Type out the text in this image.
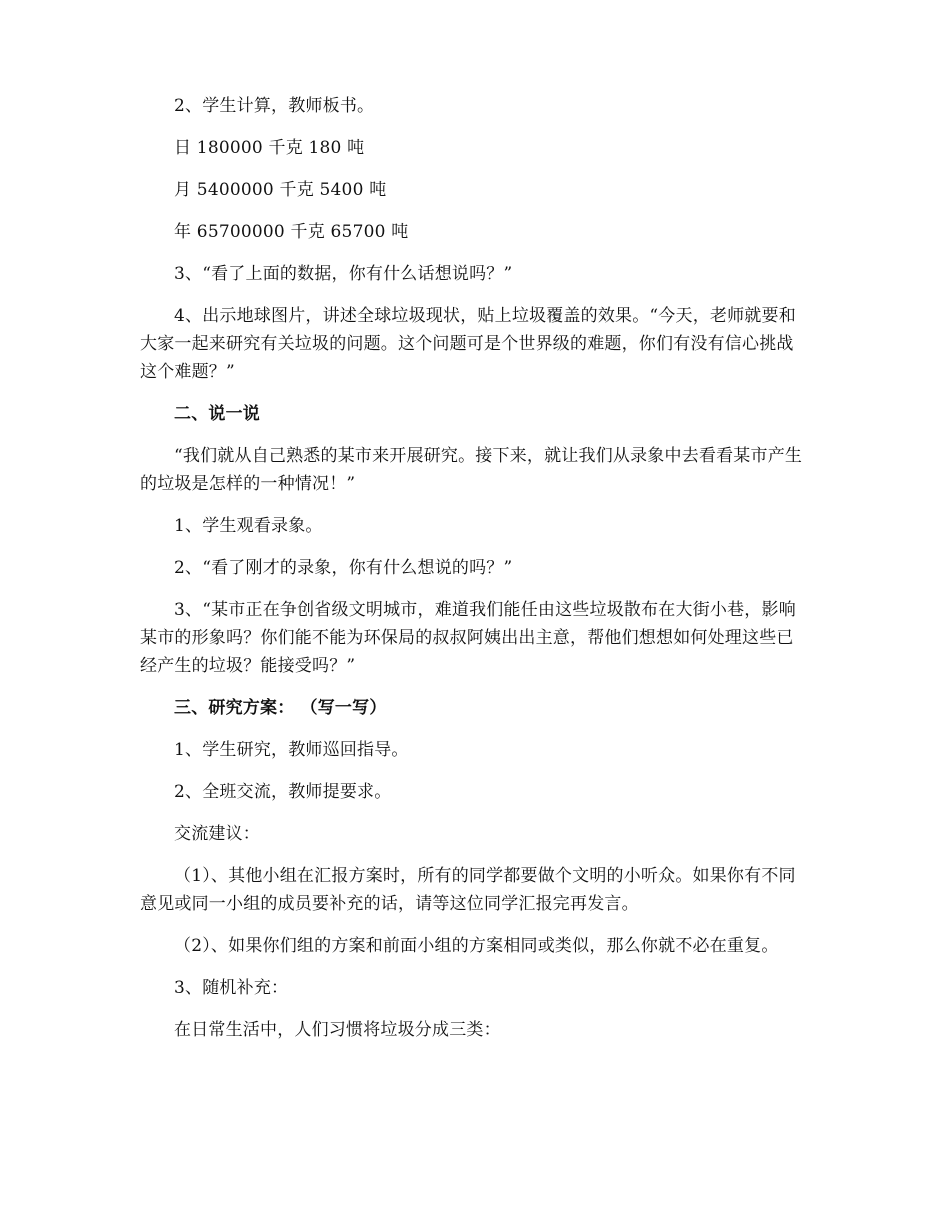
2、学生计算，教师板书。

日 180000 千克 180 吨

月 5400000 千克 5400 吨

年 65700000 千克 65700 吨

3、“看了上面的数据，你有什么话想说吗？”

4、出示地球图片，讲述全球垃圾现状，贴上垃圾覆盖的效果。“今天，老师就要和大家一起来研究有关垃圾的问题。这个问题可是个世界级的难题，你们有没有信心挑战这个难题？”

二、说一说

“我们就从自己熟悉的某市来开展研究。接下来，就让我们从录象中去看看某市产生的垃圾是怎样的一种情况！”

1、学生观看录象。

2、“看了刚才的录象，你有什么想说的吗？”

3、“某市正在争创省级文明城市，难道我们能任由这些垃圾散布在大街小巷，影响某市的形象吗？你们能不能为环保局的叔叔阿姨出出主意，帮他们想想如何处理这些已经产生的垃圾？能接受吗？”

三、研究方案： （写一写）

1、学生研究，教师巡回指导。

2、全班交流，教师提要求。

交流建议：

（1）、其他小组在汇报方案时，所有的同学都要做个文明的小听众。如果你有不同意见或同一小组的成员要补充的话，请等这位同学汇报完再发言。

（2）、如果你们组的方案和前面小组的方案相同或类似，那么你就不必在重复。

3、随机补充：

在日常生活中，人们习惯将垃圾分成三类：
